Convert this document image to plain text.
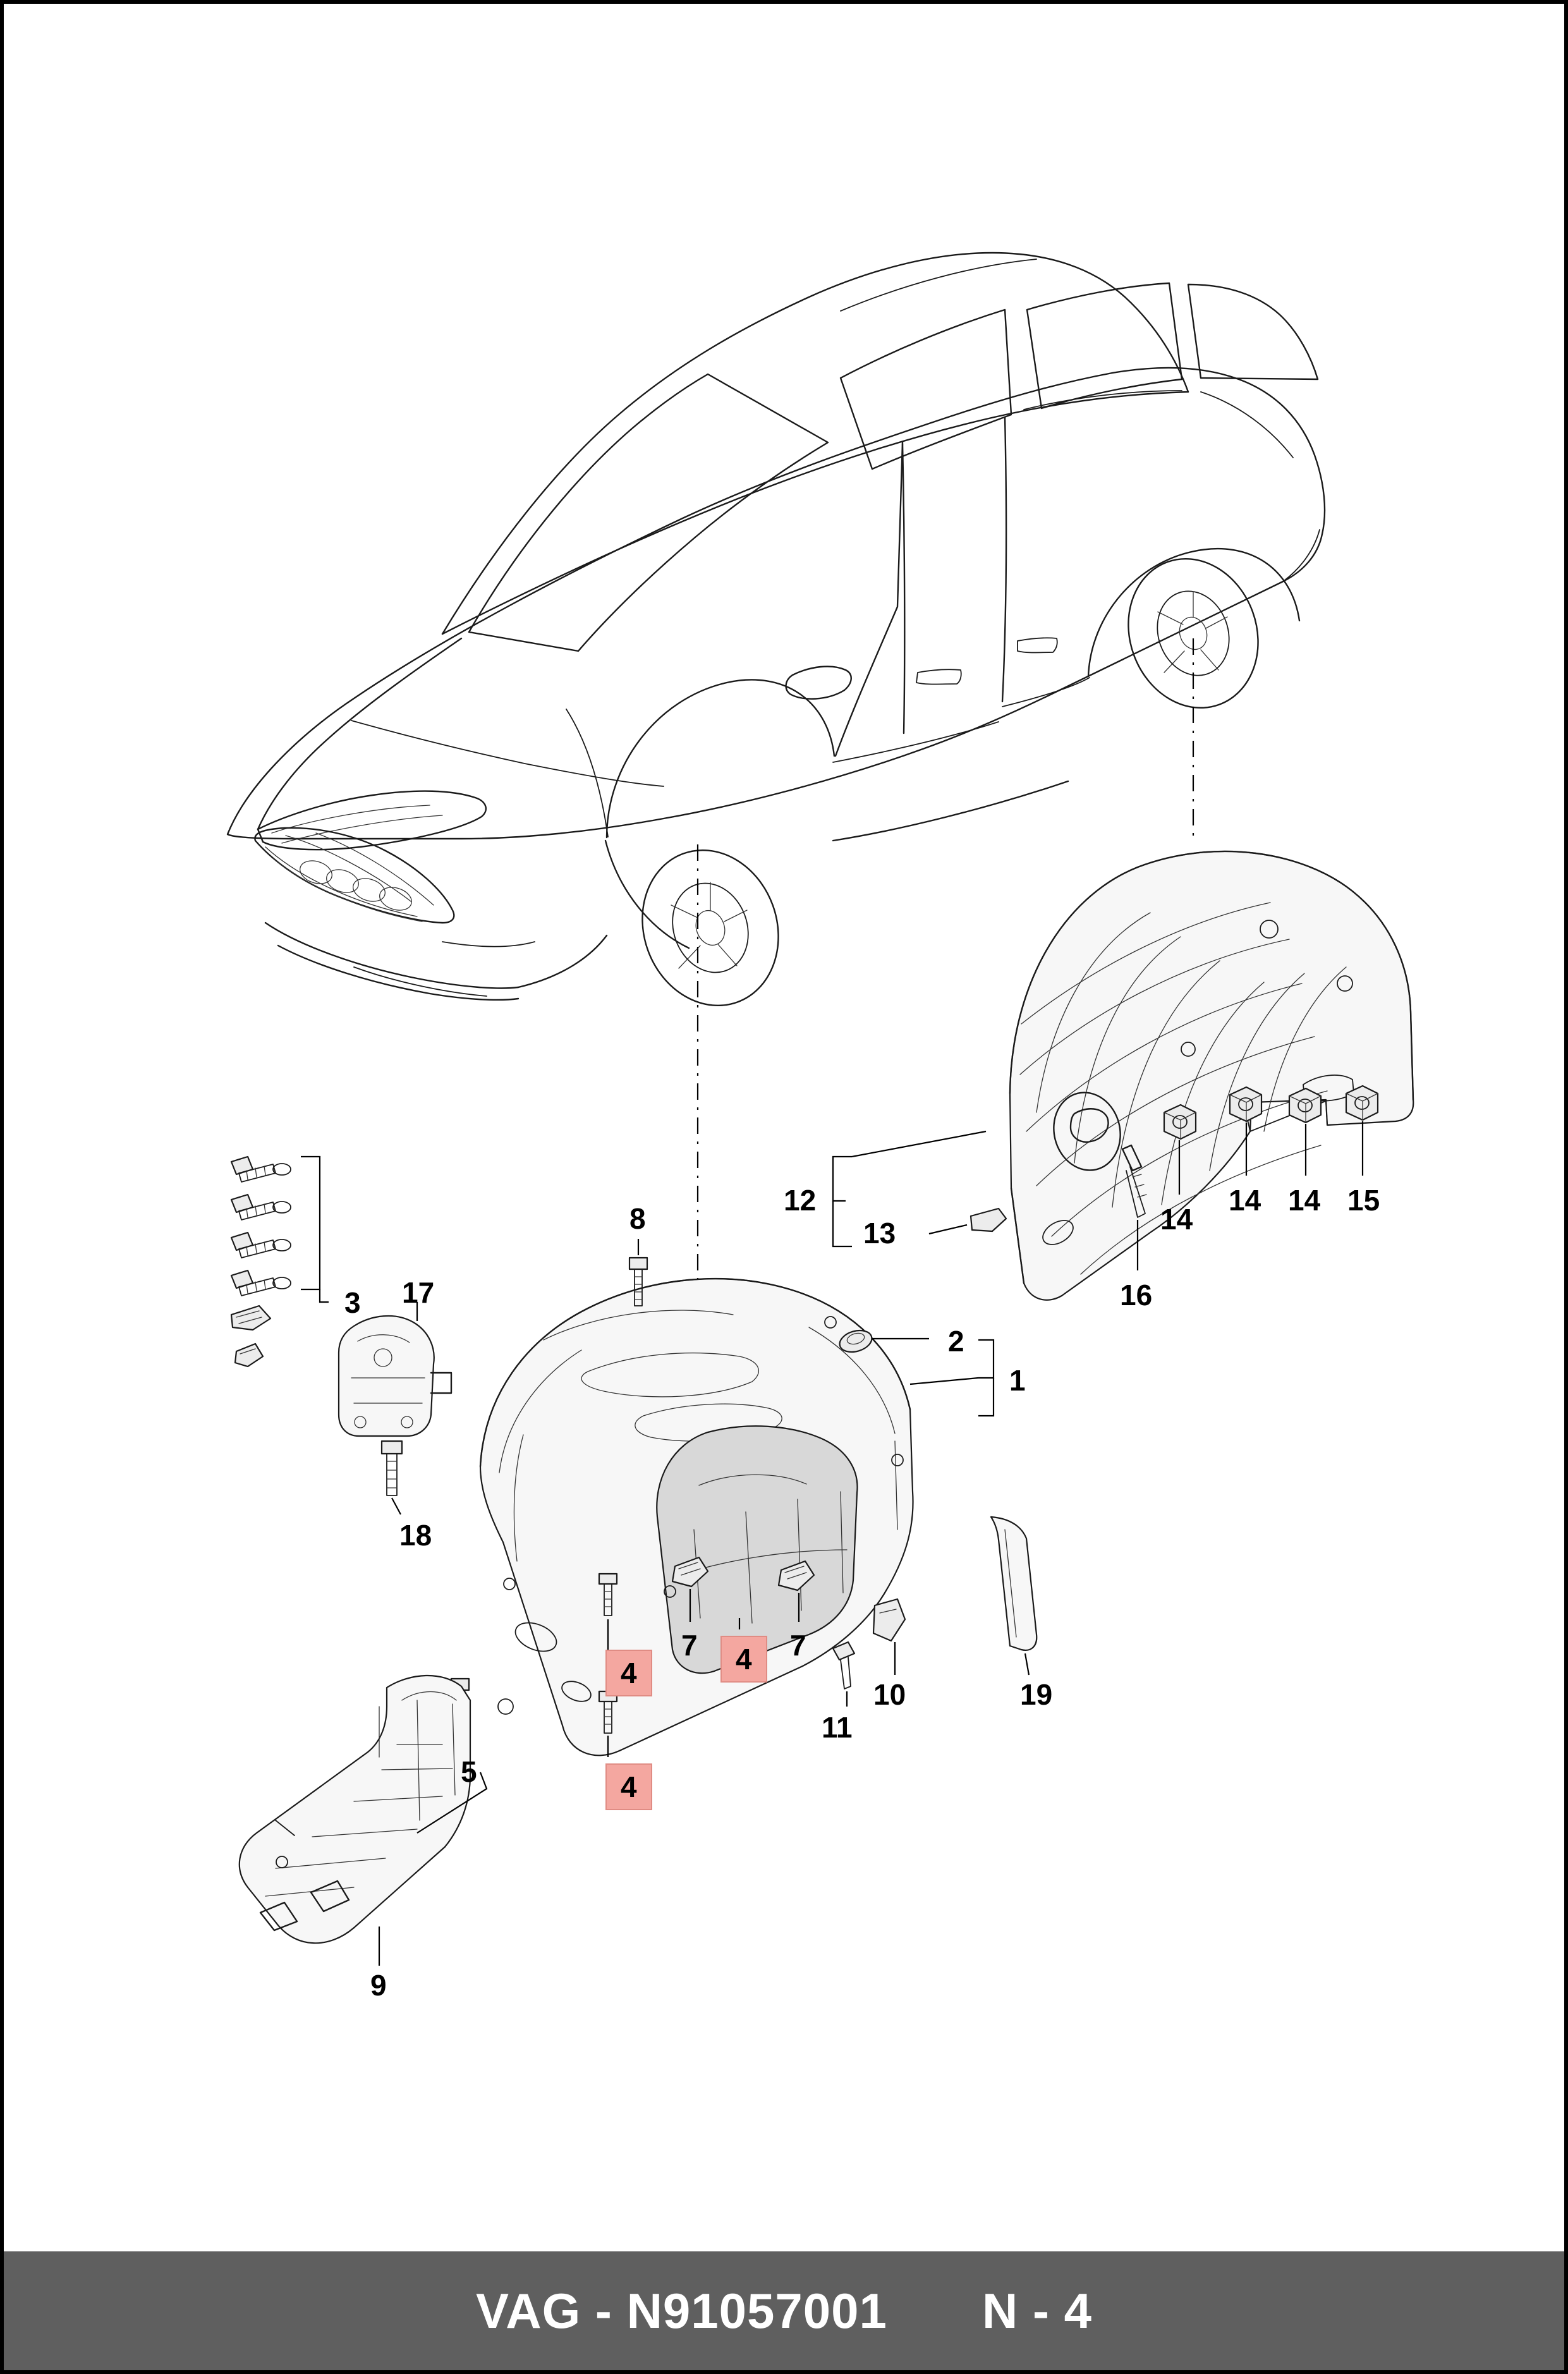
1
2
3
4	4
4
5
7	7
8
9
10
11
12
13	14
14 14 15
16
17
18
19
VAG - N91057001 N - 4
